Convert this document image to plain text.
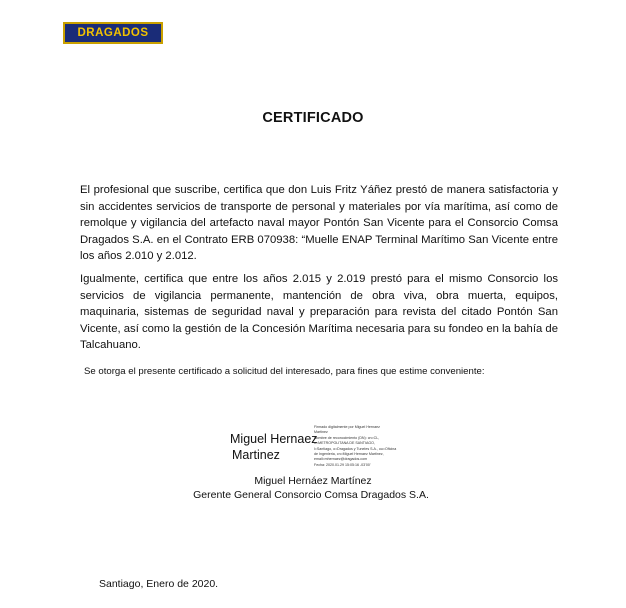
DRAGADOS
CERTIFICADO
El profesional que suscribe, certifica que don Luis Fritz Yáñez prestó de manera satisfactoria y sin accidentes servicios de transporte de personal y materiales por vía marítima, así como de remolque y vigilancia del artefacto naval mayor Pontón San Vicente para el Consorcio Comsa Dragados S.A. en el Contrato ERB 070938: “Muelle ENAP Terminal Marítimo San Vicente entre los años 2.010 y 2.012.
Igualmente, certifica que entre los años 2.015 y 2.019 prestó para el mismo Consorcio los servicios de vigilancia permanente, mantención de obra viva, obra muerta, equipos, maquinaria, sistemas de seguridad naval y preparación para revista del citado Pontón San Vicente, así como la gestión de la Concesión Marítima necesaria para su fondeo en la bahía de Talcahuano.
Se otorga el presente certificado a solicitud del interesado, para fines que estime conveniente:
Miguel Hernaez
Martinez
Firmado digitalmente por Miguel Hernaez
Martinez
Nombre de reconocimiento (DN): cn=CL,
o=METROPOLITANA DE SANTIAGO,
l=Santiago, o=Dragados y Tuneles S.A., ou=Oficina
de Ingenieria, cn=Miguel Hernaez Martinez,
email=mhernaez@dragados.com
Fecha: 2020.01.29 15:05:16 -03'00'
Miguel Hernáez Martínez
Gerente General Consorcio Comsa Dragados S.A.
Santiago, Enero de 2020.
